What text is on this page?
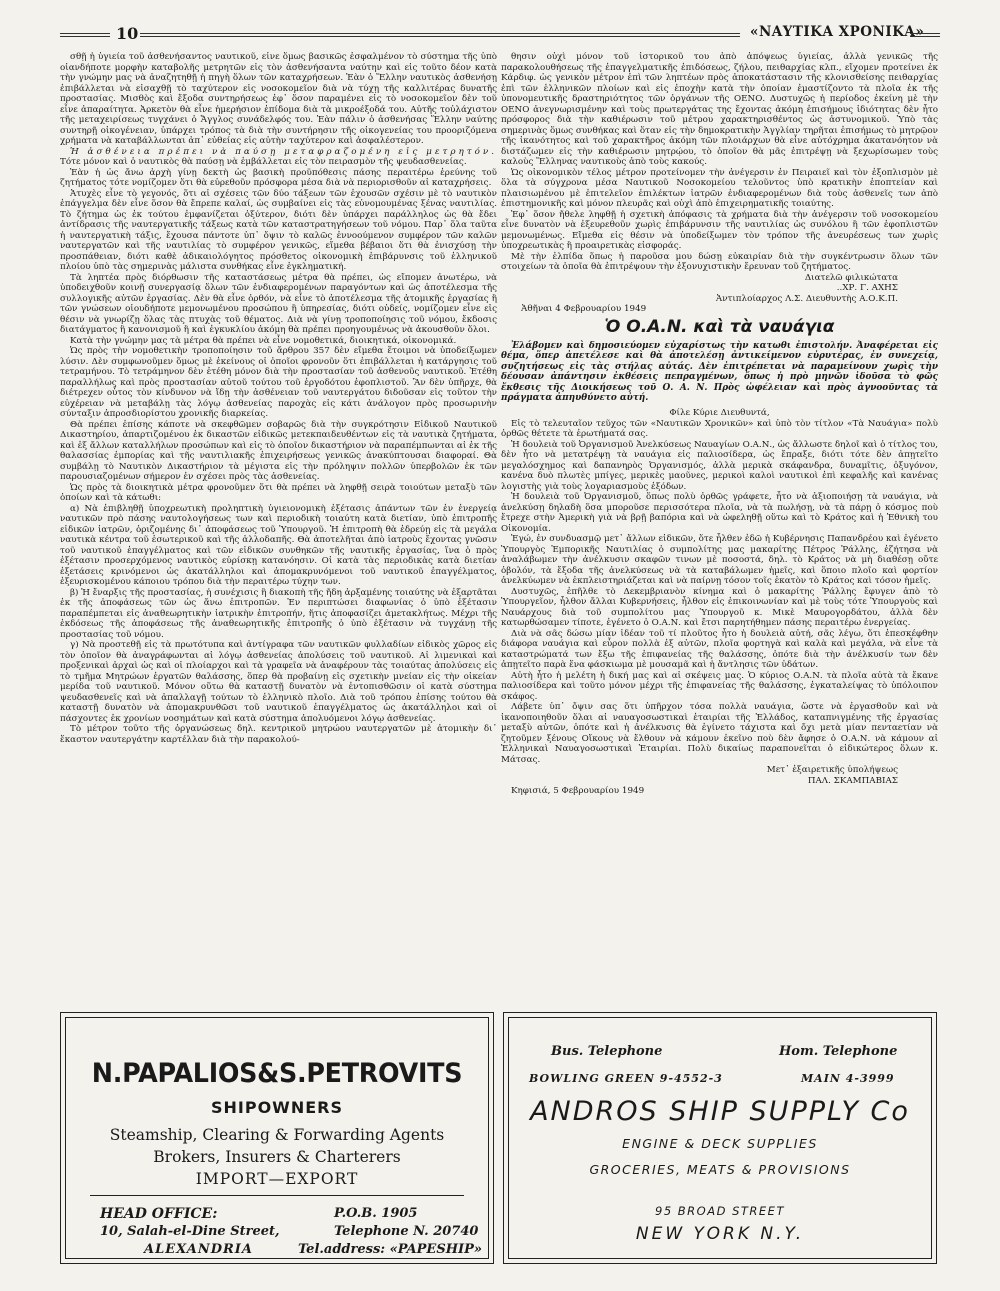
10	«ΝΑΥΤΙΚΑ ΧΡΟΝΙΚΑ»

σθῇ ἡ ὑγιεία τοῦ ἀσθενήσαντος ναυτικοῦ, εἶνε ὅμως βασικῶς ἐσφαλμένον τὸ σύστημα τῆς ὑπὸ οἱανδήποτε μορφὴν καταβολῆς μετρητῶν εἰς τὸν ἀσθενήσαντα ναύτην καὶ εἰς τοῦτο δέον κατὰ τὴν γνώμην μας νὰ ἀναζητηθῇ ἡ πηγὴ ὅλων τῶν καταχρήσεων. Ἐὰν ὁ Ἕλλην ναυτικὸς ἀσθενήσῃ ἐπιβάλλεται νὰ εἰσαχθῇ τὸ ταχύτερον εἰς νοσοκομεῖον διὰ νὰ τύχῃ τῆς καλλιτέρας δυνατῆς προστασίας. Μισθὸς καὶ ἔξοδα συντηρήσεως ἐφ᾽ ὅσον παραμένει εἰς τὸ νοσοκομεῖον δὲν τοῦ εἶνε ἀπαραίτητα. Ἀρκετὸν θὰ εἶνε ἡμερήσιον ἐπίδομα διὰ τὰ μικροέξοδά του. Αὐτῆς τοὐλάχιστον τῆς μεταχειρίσεως τυγχάνει ὁ Ἄγγλος συνάδελφός του. Ἐὰν πάλιν ὁ ἀσθενήσας Ἕλλην ναύτης συντηρῇ οἰκογένειαν, ὑπάρχει τρόπος τὰ διὰ τὴν συντήρησιν τῆς οἰκογενείας του προοριζόμενα χρήματα νὰ καταβάλλωνται ἀπ᾽ εὐθείας εἰς αὐτὴν ταχύτερον καὶ ἀσφαλέστερον.

Ἡ ἀσθένεια πρέπει νὰ παύσῃ μεταφραζομένη εἰς μετρητόν. Τότε μόνον καὶ ὁ ναυτικὸς θὰ παύσῃ νὰ ἐμβάλλεται εἰς τὸν πειρασμὸν τῆς ψευδασθενείας.

Ἐὰν ἡ ὡς ἄνω ἀρχὴ γίνῃ δεκτὴ ὡς βασικὴ προϋπόθεσις πάσης περαιτέρω ἐρεύνης τοῦ ζητήματος τότε νομίζομεν ὅτι θὰ εὑρεθοῦν πρόσφορα μέσα διὰ νὰ περιορισθοῦν αἱ καταχρήσεις.

Ἀτυχὲς εἶνε τὸ γεγονός, ὅτι αἱ σχέσεις τῶν δύο τάξεων τῶν ἐχουσῶν σχέσιν μὲ τὸ ναυτικὸν ἐπάγγελμα δὲν εἶνε ὅσον θὰ ἔπρεπε καλαί, ὡς συμβαίνει εἰς τὰς εὐνομουμένας ξένας ναυτιλίας. Τὸ ζήτημα ὡς ἐκ τούτου ἐμφανίζεται ὀξύτερον, διότι δὲν ὑπάρχει παράλληλος ὡς θὰ ἔδει ἀντίδρασις τῆς ναυτεργατικῆς τάξεως κατὰ τῶν καταστρατηγήσεων τοῦ νόμου. Παρ᾽ ὅλα ταῦτα ἡ ναυτεργατικὴ τάξις, ἔχουσα πάντοτε ὑπ᾽ ὄψιν τὸ καλῶς ἐννοούμενον συμφέρον τῶν καλῶν ναυτεργατῶν καὶ τῆς ναυτιλίας τὸ συμφέρον γενικῶς, εἴμεθα βέβαιοι ὅτι θὰ ἐνισχύσῃ τὴν προσπάθειαν, διότι καθὲ ἀδικαιολόγητος πρόσθετος οἰκονομικὴ ἐπιβάρυνσις τοῦ ἑλληνικοῦ πλοίου ὑπὸ τὰς σημερινὰς μάλιστα συνθήκας εἶνε ἐγκληματική.

Τὰ ληπτέα πρὸς διόρθωσιν τῆς καταστάσεως μέτρα θὰ πρέπει, ὡς εἴπομεν ἀνωτέρω, νὰ ὑποδειχθοῦν κοινῇ συνεργασίᾳ ὅλων τῶν ἐνδιαφερομένων παραγόντων καὶ ὡς ἀποτέλεσμα τῆς συλλογικῆς αὐτῶν ἐργασίας. Δὲν θὰ εἶνε ὀρθόν, νὰ εἶνε τὸ ἀποτέλεσμα τῆς ἀτομικῆς ἐργασίας ἢ τῶν γνώσεων οἱουδήποτε μεμονωμένου προσώπου ἢ ὑπηρεσίας, διότι οὐδείς, νομίζομεν εἶνε εἰς θέσιν νὰ γνωρίζῃ ὅλας τὰς πτυχὰς τοῦ θέματος. Διὰ νὰ γίνῃ τροποποίησις τοῦ νόμου, ἔκδοσις διατάγματος ἢ κανονισμοῦ ἢ καὶ ἐγκυκλίου ἀκόμη θὰ πρέπει προηγουμένως νὰ ἀκουσθοῦν ὅλοι.

Κατὰ τὴν γνώμην μας τὰ μέτρα θὰ πρέπει νὰ εἶνε νομοθετικά, διοικητικά, οἰκονομικά.

Ὡς πρὸς τὴν νομοθετικὴν τροποποίησιν τοῦ ἄρθρου 357 δὲν εἴμεθα ἕτοιμοι νὰ ὑποδείξωμεν λύσιν. Δὲν συμφωνοῦμεν ὅμως μὲ ἐκείνους οἱ ὁποῖοι φρονοῦν ὅτι ἐπιβάλλεται ἡ κατάργησις τοῦ τετραμήνου. Τὸ τετράμηνον δὲν ἐτέθη μόνον διὰ τὴν προστασίαν τοῦ ἀσθενοῦς ναυτικοῦ. Ἐτέθη παραλλήλως καὶ πρὸς προστασίαν αὐτοῦ τούτου τοῦ ἐργοδότου ἐφοπλιστοῦ. Ἂν δὲν ὑπῆρχε, θὰ διέτρεχεν οὗτος τὸν κίνδυνον νὰ ἴδῃ τὴν ἀσθένειαν τοῦ ναυτεργάτου διδοῦσαν εἰς τοῦτον τὴν εὐχέρειαν νὰ μεταβάλῃ τὰς λόγῳ ἀσθενείας παροχὰς εἰς κάτι ἀνάλογον πρὸς προσωρινὴν σύνταξιν ἀπροσδιορίστου χρονικῆς διαρκείας.

Θὰ πρέπει ἐπίσης κάποτε νὰ σκεφθῶμεν σοβαρῶς διὰ τὴν συγκρότησιν Εἰδικοῦ Ναυτικοῦ Δικαστηρίου, ἀπαρτιζομένου ἐκ δικαστῶν εἰδικῶς μετεκπαιδευθέντων εἰς τὰ ναυτικὰ ζητήματα, καὶ ἐξ ἄλλων καταλλήλων προσώπων καὶ εἰς τὸ ὁποῖον δικαστήριον νὰ παραπέμπωνται αἱ ἐκ τῆς θαλασσίας ἐμπορίας καὶ τῆς ναυτιλιακῆς ἐπιχειρήσεως γενικῶς ἀνακύπτουσαι διαφοραί. Θὰ συμβάλῃ τὸ Ναυτικὸν Δικαστήριον τὰ μέγιστα εἰς τὴν πρόληψιν πολλῶν ὑπερβολῶν ἐκ τῶν παρουσιαζομένων σήμερον ἐν σχέσει πρὸς τὰς ἀσθενείας.

Ὡς πρὸς τὰ διοικητικὰ μέτρα φρονοῦμεν ὅτι θὰ πρέπει νὰ ληφθῇ σειρὰ τοιούτων μεταξὺ τῶν ὁποίων καὶ τὰ κάτωθι:

α) Νὰ ἐπιβληθῇ ὑποχρεωτικὴ προληπτικὴ ὑγιειονομικὴ ἐξέτασις ἁπάντων τῶν ἐν ἐνεργείᾳ ναυτικῶν πρὸ πάσης ναυτολογήσεως των καὶ περιοδικὴ τοιαύτη κατὰ διετίαν, ὑπὸ ἐπιτροπῆς εἰδικῶν ἰατρῶν, ὁριζομένης δι᾽ ἀποφάσεως τοῦ Ὑπουργοῦ. Ἡ ἐπιτροπὴ θὰ ἑδρεύῃ εἰς τὰ μεγάλα ναυτικὰ κέντρα τοῦ ἐσωτερικοῦ καὶ τῆς ἀλλοδαπῆς. Θὰ ἀποτελῆται ἀπὸ ἰατροὺς ἔχοντας γνῶσιν τοῦ ναυτικοῦ ἐπαγγέλματος καὶ τῶν εἰδικῶν συνθηκῶν τῆς ναυτικῆς ἐργασίας, ἵνα ὁ πρὸς ἐξέτασιν προσερχόμενος ναυτικὸς εὑρίσκῃ κατανόησιν. Οἱ κατὰ τὰς περιοδικὰς κατὰ διετίαν ἐξετάσεις κρινόμενοι ὡς ἀκατάλληλοι καὶ ἀπομακρυνόμενοι τοῦ ναυτικοῦ ἐπαγγέλματος, ἐξευρισκομένου κάποιου τρόπου διὰ τὴν περαιτέρω τύχην των.

β) Ἡ ἔναρξις τῆς προστασίας, ἡ συνέχισις ἢ διακοπὴ τῆς ἤδη ἀρξαμένης τοιαύτης νὰ ἐξαρτᾶται ἐκ τῆς ἀποφάσεως τῶν ὡς ἄνω ἐπιτροπῶν. Ἐν περιπτώσει διαφωνίας ὁ ὑπὸ ἐξέτασιν παραπέμπεται εἰς ἀναθεωρητικὴν ἰατρικὴν ἐπιτροπήν, ἥτις ἀποφασίζει ἀμετακλήτως. Μέχρι τῆς ἐκδόσεως τῆς ἀποφάσεως τῆς ἀναθεωρητικῆς ἐπιτροπῆς ὁ ὑπὸ ἐξέτασιν νὰ τυγχάνῃ τῆς προστασίας τοῦ νόμου.

γ) Νὰ προστεθῇ εἰς τὰ πρωτότυπα καὶ ἀντίγραφα τῶν ναυτικῶν φυλλαδίων εἰδικὸς χῶρος εἰς τὸν ὁποῖον θὰ ἀναγράφωνται αἱ λόγῳ ἀσθενείας ἀπολύσεις τοῦ ναυτικοῦ. Αἱ λιμενικαὶ καὶ προξενικαὶ ἀρχαὶ ὡς καὶ οἱ πλοίαρχοι καὶ τὰ γραφεῖα νὰ ἀναφέρουν τὰς τοιαύτας ἀπολύσεις εἰς τὸ τμῆμα Μητρώων ἐργατῶν θαλάσσης, ὅπερ θὰ προβαίνῃ εἰς σχετικὴν μνείαν εἰς τὴν οἰκείαν μερίδα τοῦ ναυτικοῦ. Μόνον οὕτω θὰ καταστῇ δυνατὸν νὰ ἐντοπισθῶσιν οἱ κατὰ σύστημα ψευδασθενεῖς καὶ νὰ ἀπαλλαγῇ τούτων τὸ ἑλληνικὸ πλοῖο. Διὰ τοῦ τρόπου ἐπίσης τούτου θὰ καταστῇ δυνατὸν νὰ ἀπομακρυνθῶσι τοῦ ναυτικοῦ ἐπαγγέλματος ὡς ἀκατάλληλοι καὶ οἱ πάσχοντες ἐκ χρονίων νοσημάτων καὶ κατὰ σύστημα ἀπολυόμενοι λόγῳ ἀσθενείας.

Τὸ μέτρον τοῦτο τῆς ὀργανώσεως δηλ. κεντρικοῦ μητρώου ναυτεργατῶν μὲ ἀτομικὴν δι᾽ ἕκαστον ναυτεργάτην καρτέλλαν διὰ τὴν παρακολού-

θησιν οὐχὶ μόνον τοῦ ἱστορικοῦ του ἀπὸ ἀπόψεως ὑγιείας, ἀλλὰ γενικῶς τῆς παρακολουθήσεως τῆς ἐπαγγελματικῆς ἐπιδόσεως, ζήλου, πειθαρχίας κλπ., εἴχομεν προτείνει ἐκ Κάρδιφ. ὡς γενικὸν μέτρον ἐπὶ τῶν ληπτέων πρὸς ἀποκατάστασιν τῆς κλονισθείσης πειθαρχίας ἐπὶ τῶν ἑλληνικῶν πλοίων καὶ εἰς ἐποχὴν κατὰ τὴν ὁποίαν ἐμαστίζοντο τὰ πλοῖα ἐκ τῆς ὑπονομευτικῆς δραστηριότητος τῶν ὀργάνων τῆς ΟΕΝΟ. Δυστυχῶς ἡ περίοδος ἐκείνη μὲ τὴν ΟΕΝΟ ἀνεγνωρισμένην καὶ τοὺς πρωτεργάτας της ἔχοντας ἀκόμη ἐπισήμους ἰδιότητας δὲν ἦτο πρόσφορος διὰ τὴν καθιέρωσιν τοῦ μέτρου χαρακτηρισθέντος ὡς ἀστυνομικοῦ. Ὑπὸ τὰς σημερινὰς ὅμως συνθήκας καὶ ὅταν εἰς τὴν δημοκρατικὴν Ἀγγλίαν τηρῆται ἐπισήμως τὸ μητρῷον τῆς ἱκανότητος καὶ τοῦ χαρακτῆρος ἀκόμη τῶν πλοιάρχων θὰ εἶνε αὐτόχρημα ἀκατανόητον νὰ διστάζωμεν εἰς τὴν καθιέρωσιν μητρῴου, τὸ ὁποῖον θὰ μᾶς ἐπιτρέψῃ νὰ ξεχωρίσωμεν τοὺς καλοὺς Ἕλληνας ναυτικοὺς ἀπὸ τοὺς κακούς.

Ὡς οἰκονομικὸν τέλος μέτρον προτείνομεν τὴν ἀνέγερσιν ἐν Πειραιεῖ καὶ τὸν ἐξοπλισμὸν μὲ ὅλα τὰ σύγχρονα μέσα Ναυτικοῦ Νοσοκομείου τελοῦντος ὑπὸ κρατικὴν ἐποπτείαν καὶ πλαισιωμένου μὲ ἐπιτελεῖον ἐπιλέκτων ἰατρῶν ἐνδιαφερομένων διὰ τοὺς ἀσθενεῖς των ἀπὸ ἐπιστημονικῆς καὶ μόνον πλευρᾶς καὶ οὐχὶ ἀπὸ ἐπιχειρηματικῆς τοιαύτης.

Ἐφ᾽ ὅσον ἤθελε ληφθῇ ἡ σχετικὴ ἀπόφασις τὰ χρήματα διὰ τὴν ἀνέγερσιν τοῦ νοσοκομείου εἶνε δυνατὸν νὰ ἐξευρεθοῦν χωρὶς ἐπιβάρυνσιν τῆς ναυτιλίας ὡς συνόλου ἢ τῶν ἐφοπλιστῶν μεμονωμένως. Εἴμεθα εἰς θέσιν νὰ ὑποδείξωμεν τὸν τρόπον τῆς ἀνευρέσεως των χωρὶς ὑποχρεωτικὰς ἢ προαιρετικὰς εἰσφοράς.

Μὲ τὴν ἐλπίδα ὅπως ἡ παροῦσα μου δώσῃ εὐκαιρίαν διὰ τὴν συγκέντρωσιν ὅλων τῶν στοιχείων τὰ ὁποῖα θὰ ἐπιτρέψουν τὴν ἐξονυχιστικὴν ἔρευναν τοῦ ζητήματος.

Διατελῶ φιλικώτατα
..ΧΡ. Γ. ΑΧΗΣ
Ἀντιπλοίαρχος Λ.Σ. Διευθυντὴς Α.Ο.Κ.Π.
Ἀθῆναι 4 Φεβρουαρίου 1949
Ὁ Ο.Α.Ν. καὶ τὰ ναυάγια
Ἐλάβομεν καὶ δημοσιεύομεν εὐχαρίστως τὴν κατωθι ἐπιστολήν. Ἀναφέρεται εἰς θέμα, ὅπερ ἀπετέλεσε καὶ θὰ ἀποτελέσῃ ἀντικείμενον εὐρυτέρας, ἐν συνεχείᾳ, συζητήσεως εἰς τὰς στήλας αὐτάς. Δὲν ἐπιτρέπεται νὰ παραμείνουν χωρὶς τὴν δέουσαν ἀπάντησιν ἐκθέσεις πεπραγμένων, ὅπως ἡ πρὸ μηνῶν ἰδοῦσα τὸ φῶς ἔκθεσις τῆς Διοικήσεως τοῦ Ο. Α. Ν. Πρὸς ὠφέλειαν καὶ πρὸς ἀγνοοῦντας τὰ πράγματα ἀπηυθύνετο αὐτή.
Φίλε Κύριε Διευθυντά,

Εἰς τὸ τελευταῖον τεῦχος τῶν «Ναυτικῶν Χρονικῶν» καὶ ὑπὸ τὸν τίτλον «Τὰ Ναυάγια» πολὺ ὀρθῶς θέτετε τὰ ἐρωτήματά σας.

Ἡ δουλειὰ τοῦ Ὀργανισμοῦ Ἀνελκύσεως Ναυαγίων Ο.Α.Ν., ὡς ἄλλωστε δηλοῖ καὶ ὁ τίτλος του, δὲν ἦτο νὰ μετατρέψῃ τὰ ναυάγια εἰς παλιοσίδερα, ὡς ἔπραξε, διότι τότε δὲν ἀπῃτεῖτο μεγαλόσχημος καὶ δαπανηρὸς Ὀργανισμός, ἀλλὰ μερικὰ σκάφανδρα, δυναμῖτις, ὀξυγόνον, κανένα δυὸ πλωτὲς μπίγες, μερικὲς μαοῦνες, μερικοὶ καλοὶ ναυτικοὶ ἐπὶ κεφαλῆς καὶ κανένας λογιστὴς γιὰ τοὺς λογαριασμοὺς ἐξόδων.

Ἡ δουλειὰ τοῦ Ὀργανισμοῦ, ὅπως πολὺ ὀρθῶς γράφετε, ἦτο νὰ ἀξιοποιήσῃ τὰ ναυάγια, νὰ ἀνελκύσῃ δηλαδὴ ὅσα μποροῦσε περισσότερα πλοῖα, νὰ τὰ πωλήσῃ, νὰ τὰ πάρῃ ὁ κόσμος ποὺ ἔτρεχε στὴν Ἀμερικὴ γιὰ νὰ βρῇ βαπόρια καὶ νὰ ὠφεληθῇ οὕτω καὶ τὸ Κράτος καὶ ἡ Ἐθνικὴ του Οἰκονομία.

Ἐγώ, ἐν συνδυασμῷ μετ᾽ ἄλλων εἰδικῶν, ὅτε ἦλθεν ἐδῶ ἡ Κυβέρνησις Παπανδρέου καὶ ἐγένετο Ὑπουργὸς Ἐμπορικῆς Ναυτιλίας ὁ συμπολίτης μας μακαρίτης Πέτρος Ῥάλλης, ἐζήτησα νὰ ἀναλάβωμεν τὴν ἀνέλκυσιν σκαφῶν τινων μὲ ποσοστά, δηλ. τὸ Κράτος νὰ μὴ διαθέσῃ οὔτε ὀβολόν, τὰ ἔξοδα τῆς ἀνελκύσεως νὰ τὰ καταβάλωμεν ἡμεῖς, καὶ ὅποιο πλοῖο καὶ φορτίον ἀνελκύωμεν νὰ ἐκπλειστηριάζεται καὶ νὰ παίρνῃ τόσον τοῖς ἑκατὸν τὸ Κράτος καὶ τόσον ἡμεῖς.

Δυστυχῶς, ἐπῆλθε τὸ Δεκεμβριανὸν κίνημα καὶ ὁ μακαρίτης Ῥάλλης ἔφυγεν ἀπὸ τὸ Ὑπουργεῖον, ἦλθον ἄλλαι Κυβερνήσεις, ἦλθον εἰς ἐπικοινωνίαν καὶ μὲ τοὺς τότε Ὑπουργοὺς καὶ Ναυάρχους διὰ τοῦ συμπολίτου μας Ὑπουργοῦ κ. Μικὲ Μαυρογορδάτου, ἀλλὰ δὲν κατωρθώσαμεν τίποτε, ἐγένετο ὁ Ο.Α.Ν. καὶ ἔτσι παρητήθημεν πάσης περαιτέρω ἐνεργείας.

Διὰ νὰ σᾶς δώσω μίαν ἰδέαν τοῦ τί πλοῦτος ἦτο ἡ δουλειὰ αὐτή, σᾶς λέγω, ὅτι ἐπεσκέφθην διάφορα ναυάγια καὶ εὗρον πολλὰ ἐξ αὐτῶν, πλοῖα φορτηγὰ καὶ καλὰ καὶ μεγάλα, νὰ εἶνε τὰ καταστρώματά των ἔξω τῆς ἐπιφανείας τῆς θαλάσσης, ὁπότε διὰ τὴν ἀνέλκυσίν των δὲν ἀπῃτεῖτο παρὰ ἕνα φάσκιωμα μὲ μουσαμᾶ καὶ ἡ ἄντλησις τῶν ὑδάτων.

Αὐτὴ ἦτο ἡ μελέτη ἡ δική μας καὶ αἱ σκέψεις μας. Ὁ κύριος Ο.Α.Ν. τὰ πλοῖα αὐτὰ τὰ ἔκανε παλιοσίδερα καὶ τοῦτο μόνον μέχρι τῆς ἐπιφανείας τῆς θαλάσσης, ἐγκαταλείψας τὸ ὑπόλοιπον σκάφος.

Λάβετε ὑπ᾽ ὄψιν σας ὅτι ὑπῆρχον τόσα πολλὰ ναυάγια, ὥστε νὰ ἐργασθοῦν καὶ νὰ ἱκανοποιηθοῦν ὅλαι αἱ ναυαγοσωστικαὶ ἑταιρίαι τῆς Ἑλλάδος, καταπνιγμένης τῆς ἐργασίας μεταξὺ αὐτῶν, ὁπότε καὶ ἡ ἀνέλκυσις θὰ ἐγίνετο τάχιστα καὶ ὄχι μετὰ μίαν πενταετίαν νὰ ζητοῦμεν ξένους Οἴκους νὰ ἔλθουν νὰ κάμουν ἐκεῖνο ποὺ δὲν ἄφησε ὁ Ο.Α.Ν. νὰ κάμουν αἱ Ἑλληνικαὶ Ναυαγοσωστικαὶ Ἑταιρίαι. Πολὺ δικαίως παραπονεῖται ὁ εἰδικώτερος ὅλων κ. Μάτσας.

Μετ᾽ ἐξαιρετικῆς ὑπολήψεως
ΠΑΛ. ΣΚΑΜΠΑΒΙΑΣ
Κηφισιά, 5 Φεβρουαρίου 1949
N.PAPALIOS&S.PETROVITS
SHIPOWNERS
Steamship, Clearing & Forwarding Agents
Brokers, Insurers & Charterers
IMPORT—EXPORT
HEAD OFFICE:
10, Salah-el-Dine Street,
ALEXANDRIA
P.O.B. 1905
Telephone N. 20740
Tel.address: «PAPESHIP»
Bus. Telephone	Hom. Telephone
BOWLING GREEN 9-4552-3	MAIN 4-3999
ANDROS SHIP SUPPLY Co
ENGINE & DECK SUPPLIES
GROCERIES, MEATS & PROVISIONS
95 BROAD STREET
NEW YORK N.Y.
